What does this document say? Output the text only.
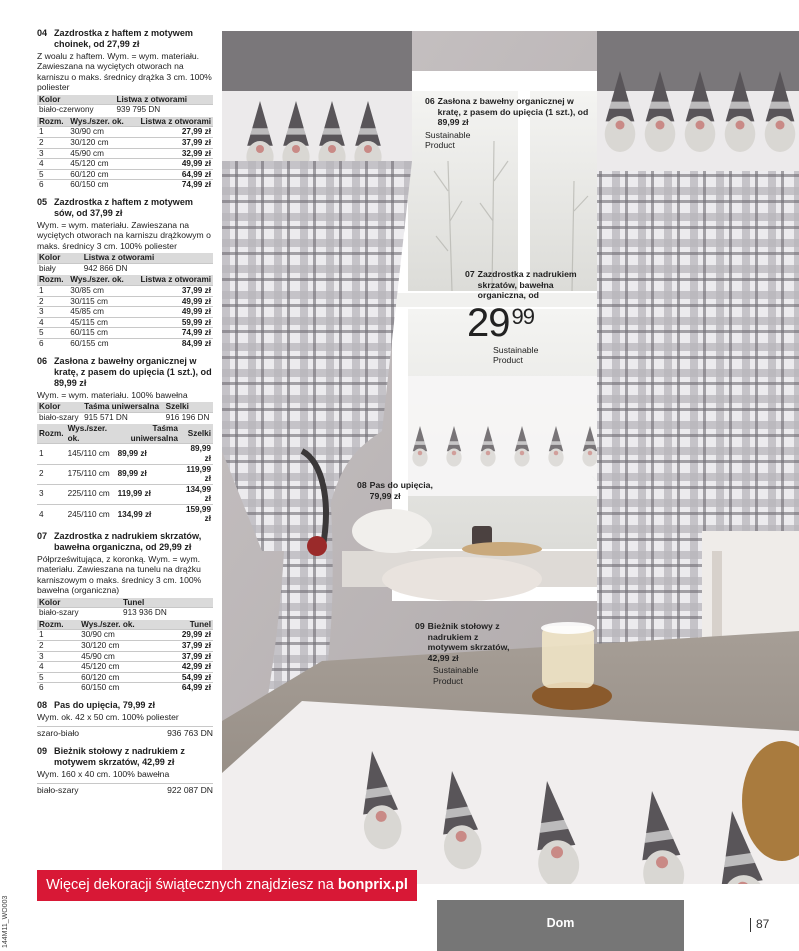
04 Zazdrostka z haftem z motywem choinek, od 27,99 zł
Z woalu z haftem. Wym. = wym. materiału. Zawieszana na wyciętych otworach na karniszu o maks. średnicy drążka 3 cm. 100% poliester
Kolor	Listwa z otworami
biało-czerwony	939 795 DN
Rozm.	Wys./szer. ok.	Listwa z otworami
1	30/90 cm	27,99 zł
2	30/120 cm	37,99 zł
3	45/90 cm	32,99 zł
4	45/120 cm	49,99 zł
5	60/120 cm	64,99 zł
6	60/150 cm	74,99 zł
05 Zazdrostka z haftem z motywem sów, od 37,99 zł
Wym. = wym. materiału. Zawieszana na wyciętych otworach na karniszu drążkowym o maks. średnicy 3 cm. 100% poliester
Kolor	Listwa z otworami
biały	942 866 DN
Rozm.	Wys./szer. ok.	Listwa z otworami
1	30/85 cm	37,99 zł
2	30/115 cm	49,99 zł
3	45/85 cm	49,99 zł
4	45/115 cm	59,99 zł
5	60/115 cm	74,99 zł
6	60/155 cm	84,99 zł
06 Zasłona z bawełny organicznej w kratę, z pasem do upięcia (1 szt.), od 89,99 zł
Wym. = wym. materiału. 100% bawełna
Kolor	Taśma uniwersalna	Szelki
biało-szary	915 571 DN	916 196 DN
Rozm.	Wys./szer. ok.	Taśma uniwersalna	Szelki
1	145/110 cm	89,99 zł	89,99 zł
2	175/110 cm	89,99 zł	119,99 zł
3	225/110 cm	119,99 zł	134,99 zł
4	245/110 cm	134,99 zł	159,99 zł
07 Zazdrostka z nadrukiem skrzatów, bawełna organiczna, od 29,99 zł
Półprześwitująca, z koronką. Wym. = wym. materiału. Zawieszana na tunelu na drążku karniszowym o maks. średnicy 3 cm. 100% bawełna (organiczna)
Kolor	Tunel
biało-szary	913 936 DN
Rozm.	Wys./szer. ok.	Tunel
1	30/90 cm	29,99 zł
2	30/120 cm	37,99 zł
3	45/90 cm	37,99 zł
4	45/120 cm	42,99 zł
5	60/120 cm	54,99 zł
6	60/150 cm	64,99 zł
08 Pas do upięcia, 79,99 zł
Wym. ok. 42 x 50 cm. 100% poliester
szaro-biało	936 763 DN
09 Bieżnik stołowy z nadrukiem z motywem skrzatów, 42,99 zł
Wym. 160 x 40 cm. 100% bawełna
biało-szary	922 087 DN
06 Zasłona z bawełny organicznej w kratę, z pasem do upięcia (1 szt.), od 89,99 zł
Sustainable Product
07 Zazdrostka z nadrukiem skrzatów, bawełna organiczna, od
29 99
Sustainable Product
08 Pas do upięcia, 79,99 zł
09 Bieżnik stołowy z nadrukiem z motywem skrzatów, 42,99 zł
Sustainable Product
Więcej dekoracji świątecznych znajdziesz na bonprix.pl
144M11_WO003	Dom	87
